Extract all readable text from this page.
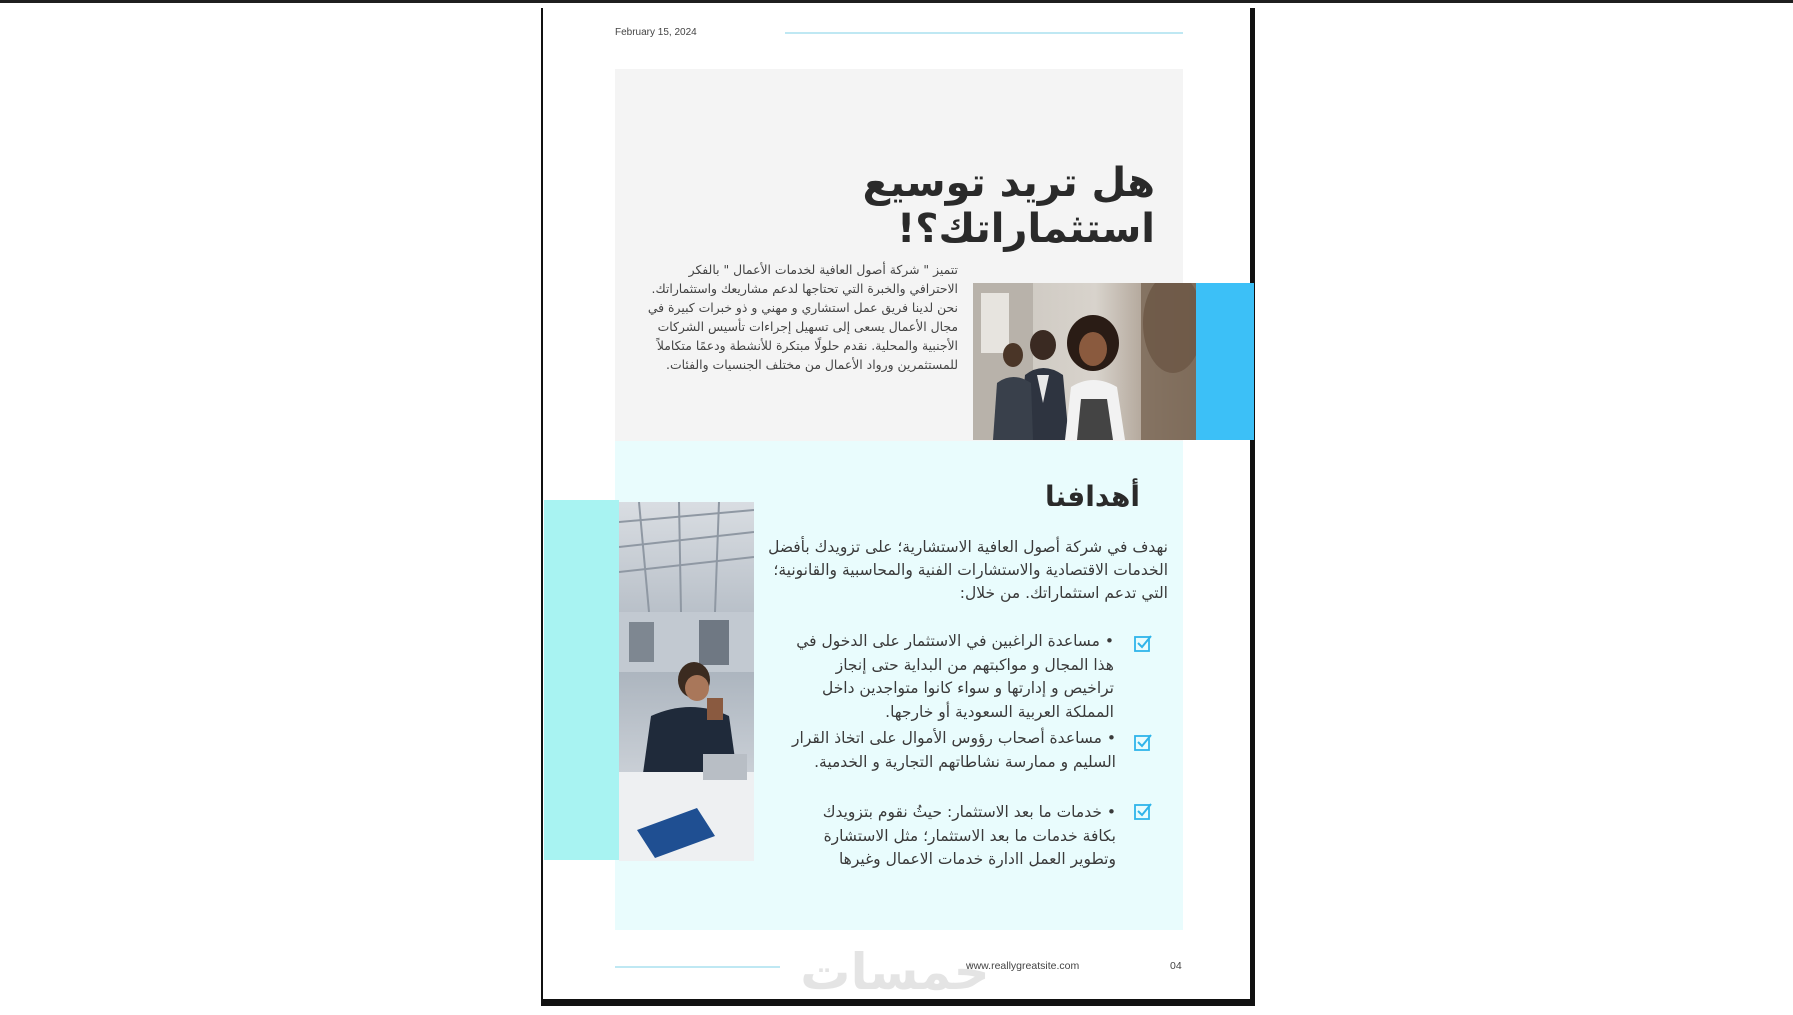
February 15, 2024
هل تريد توسيع استثماراتك؟!
تتميز " شركة أصول العافية لخدمات الأعمال " بالفكر
الاحترافي والخبرة التي تحتاجها لدعم مشاريعك واستثماراتك.
نحن لدينا فريق عمل استشاري و مهني و ذو خبرات كبيرة في
مجال الأعمال يسعى إلى تسهيل إجراءات تأسيس الشركات
الأجنبية والمحلية. نقدم حلولًا مبتكرة للأنشطة ودعمًا متكاملاً
للمستثمرين ورواد الأعمال من مختلف الجنسيات والفئات.
أهدافنا
نهدف في شركة أصول العافية الاستشارية؛ على تزويدك بأفضل
الخدمات الاقتصادية والاستشارات الفنية والمحاسبية والقانونية؛
التي تدعم استثماراتك. من خلال:
• مساعدة الراغبين في الاستثمار على الدخول في
هذا المجال و مواكبتهم من البداية حتى إنجاز
تراخيص و إدارتها و سواء كانوا متواجدين داخل
المملكة العربية السعودية أو خارجها.
• مساعدة أصحاب رؤوس الأموال على اتخاذ القرار
السليم و ممارسة نشاطاتهم التجارية و الخدمية.
• خدمات ما بعد الاستثمار: حيثُ نقوم بتزويدك
بكافة خدمات ما بعد الاستثمار؛ مثل الاستشارة
وتطوير العمل اادارة خدمات الاعمال وغيرها
www.reallygreatsite.com	04
خمسات
